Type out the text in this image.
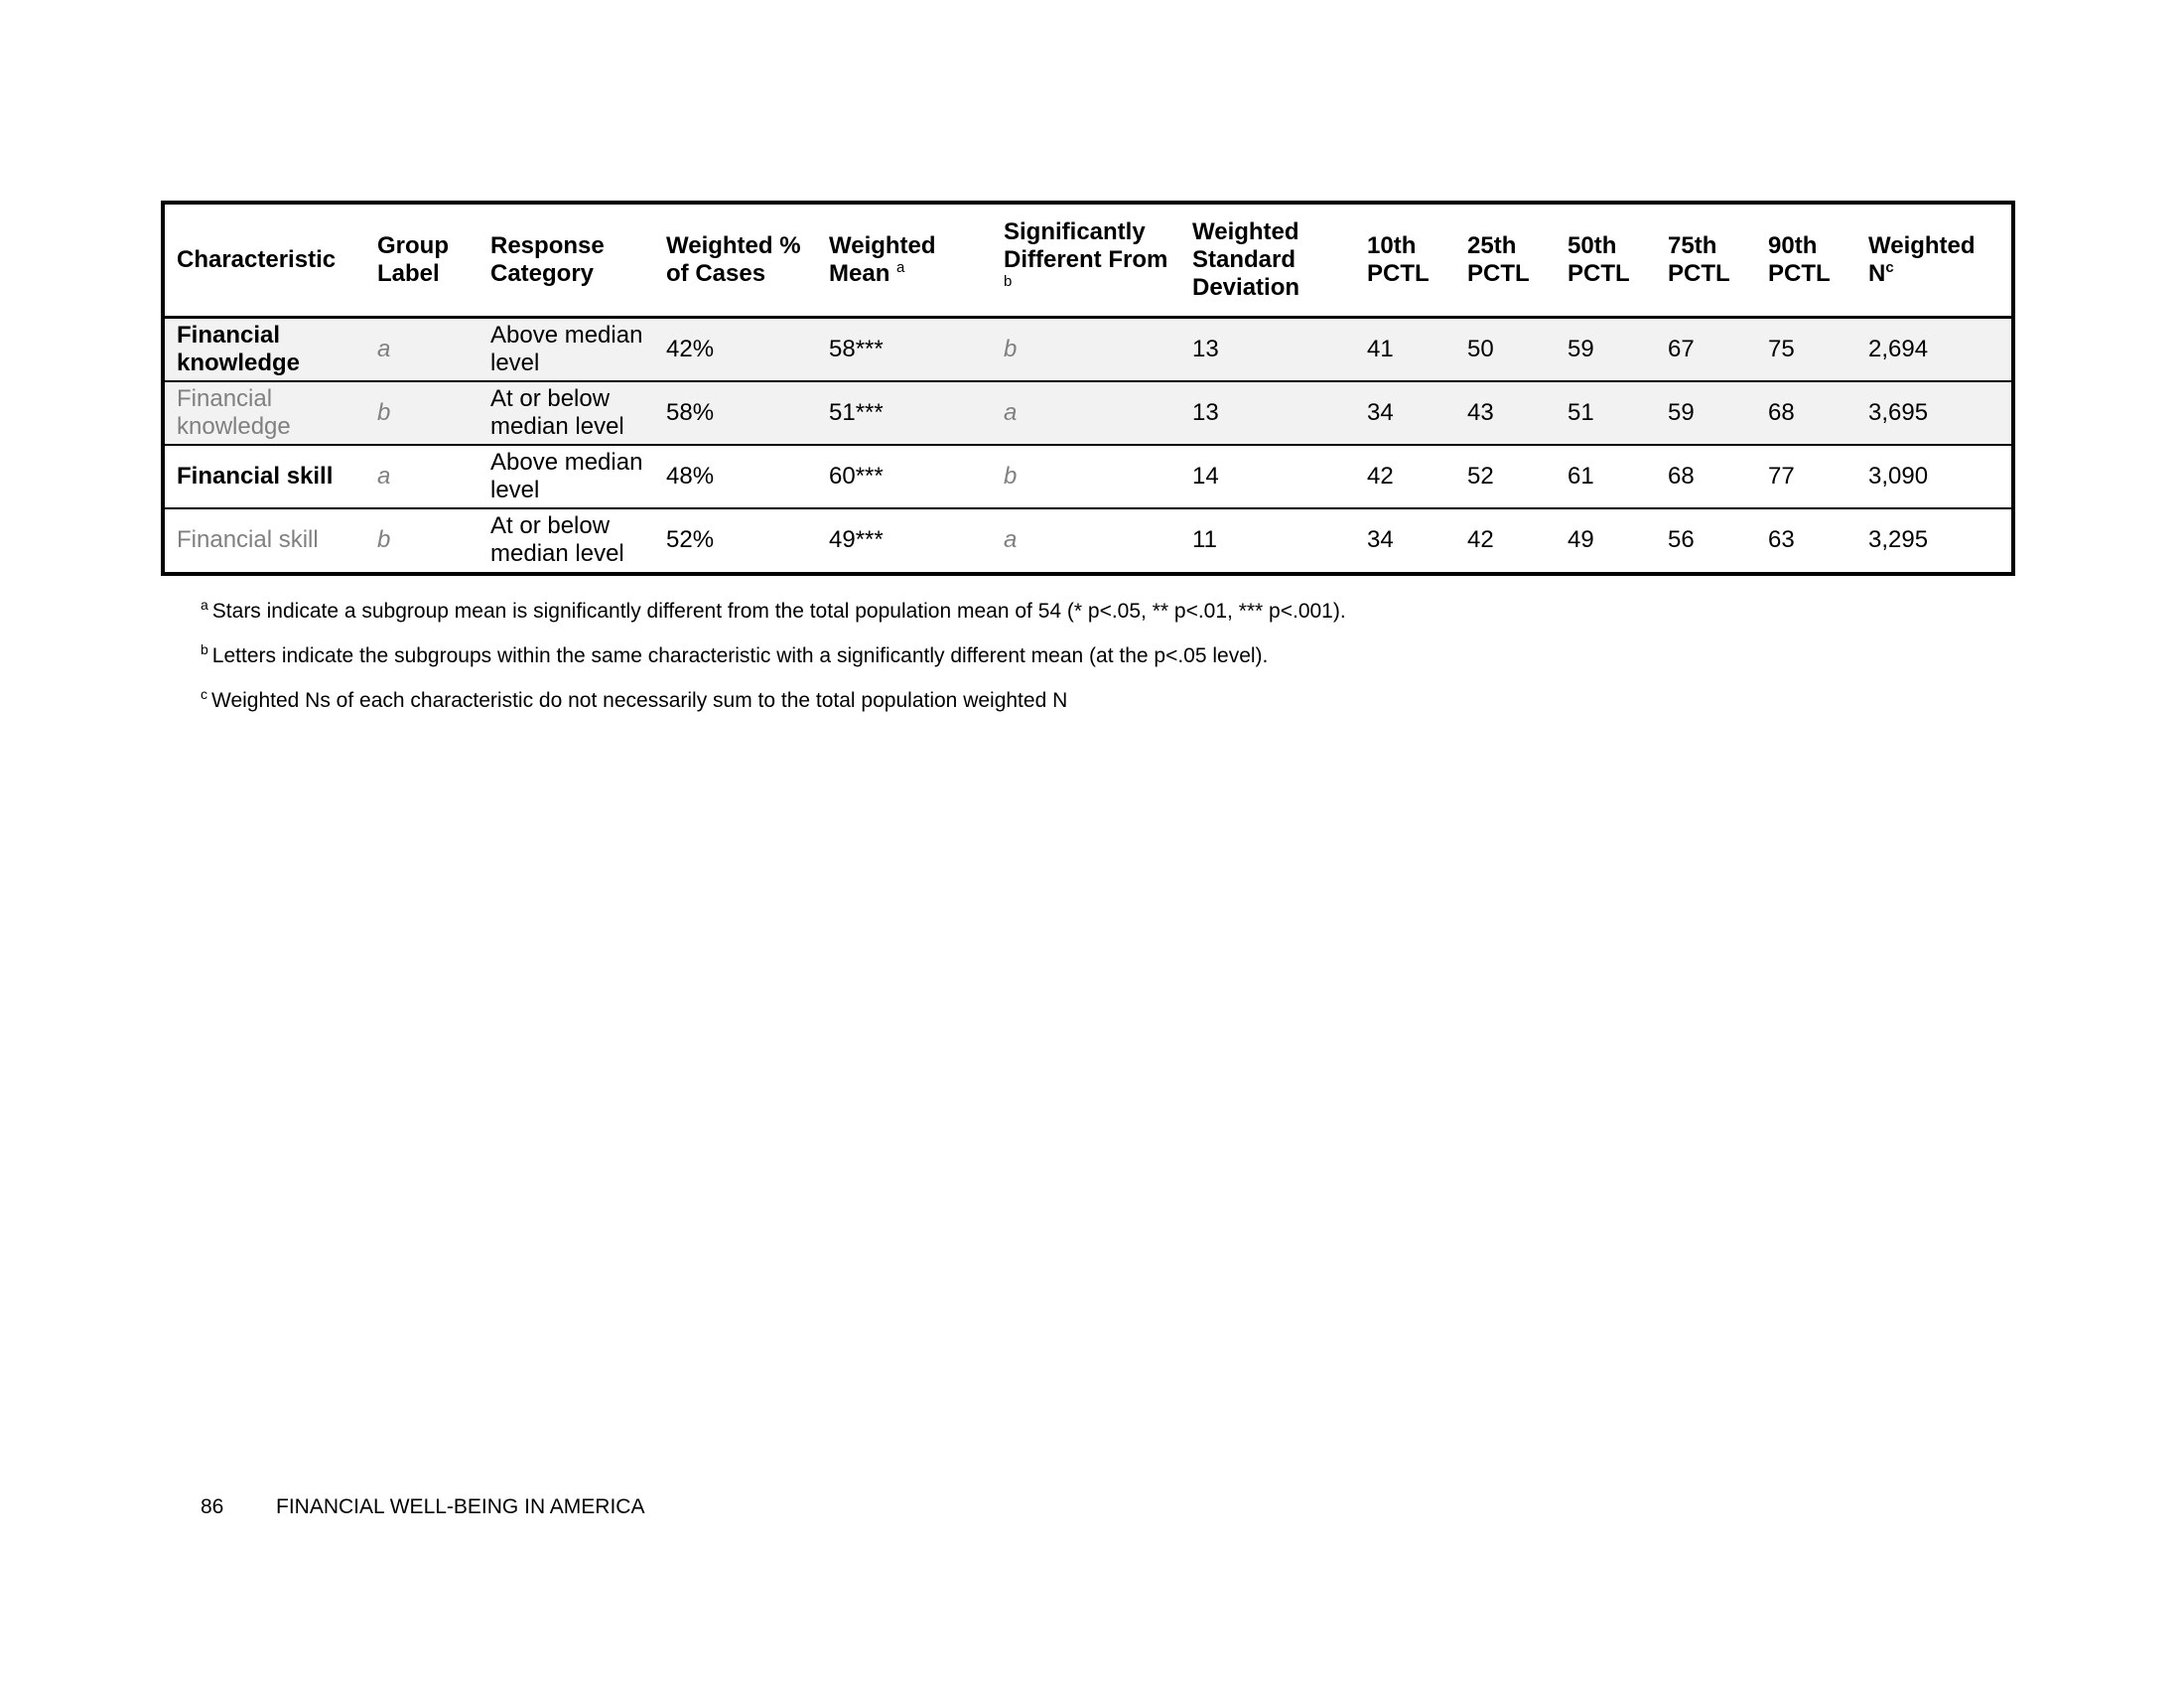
Characteristic	Group Label	Response Category	Weighted % of Cases	Weighted Mean $^a$	Significantly Different From $^b$	Weighted Standard Deviation	10th PCTL	25th PCTL	50th PCTL	75th PCTL	90th PCTL	Weighted $N^c$
Financial knowledge	a	Above median level	42%	58***	b	13	41	50	59	67	75	2,694
Financial knowledge	b	At or below median level	58%	51***	a	13	34	43	51	59	68	3,695
Financial skill	a	Above median level	48%	60***	b	14	42	52	61	68	77	3,090
Financial skill	b	At or below median level	52%	49***	a	11	34	42	49	56	63	3,295

$^a$ Stars indicate a subgroup mean is significantly different from the total population mean of 54 (* p<.05, ** p<.01, *** p<.001).

$^b$ Letters indicate the subgroups within the same characteristic with a significantly different mean (at the p<.05 level).

$^c$ Weighted Ns of each characteristic do not necessarily sum to the total population weighted N

86	FINANCIAL WELL-BEING IN AMERICA
